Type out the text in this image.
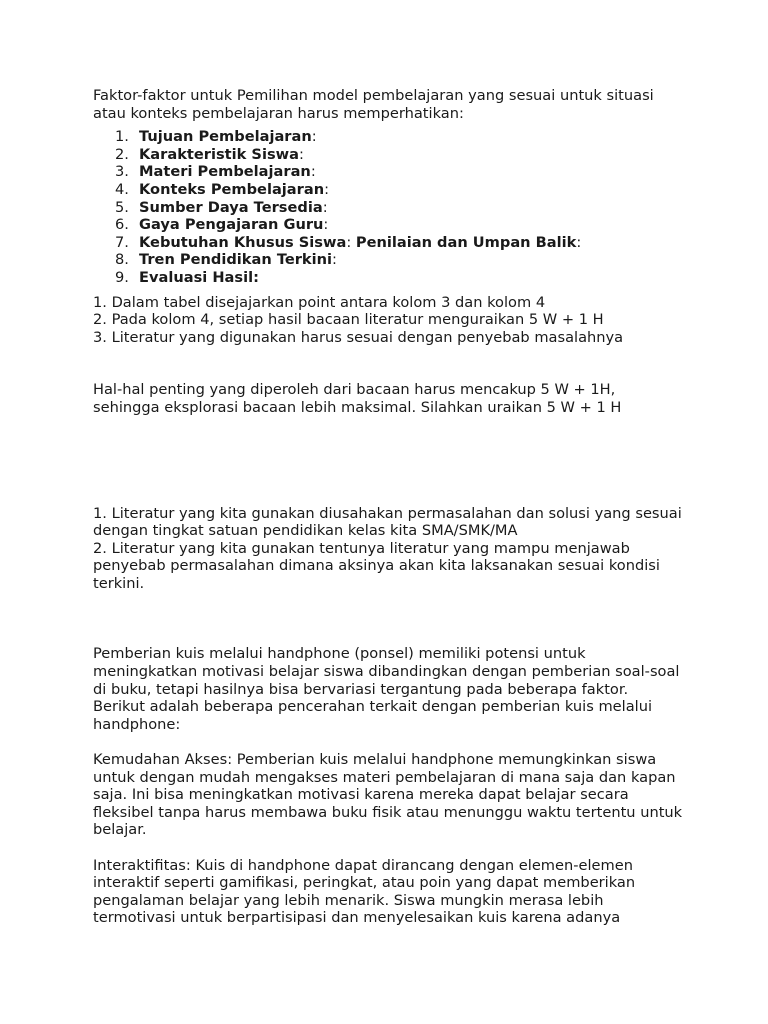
Faktor-faktor untuk Pemilihan model pembelajaran yang sesuai untuk situasi atau konteks pembelajaran harus memperhatikan:

1. Tujuan Pembelajaran:
2. Karakteristik Siswa:
3. Materi Pembelajaran:
4. Konteks Pembelajaran:
5. Sumber Daya Tersedia:
6. Gaya Pengajaran Guru:
7. Kebutuhan Khusus Siswa: Penilaian dan Umpan Balik:
8. Tren Pendidikan Terkini:
9. Evaluasi Hasil:

1. Dalam tabel disejajarkan point antara kolom 3 dan kolom 4

2. Pada kolom 4, setiap hasil bacaan literatur menguraikan 5 W + 1 H

3. Literatur yang digunakan harus sesuai dengan penyebab masalahnya

Hal-hal penting yang diperoleh dari bacaan harus mencakup 5 W + 1H, sehingga eksplorasi bacaan lebih maksimal. Silahkan uraikan 5 W + 1 H

1. Literatur yang kita gunakan diusahakan permasalahan dan solusi yang sesuai dengan tingkat satuan pendidikan kelas kita SMA/SMK/MA

2. Literatur yang kita gunakan tentunya literatur yang mampu menjawab penyebab permasalahan dimana aksinya akan kita laksanakan sesuai kondisi terkini.

Pemberian kuis melalui handphone (ponsel) memiliki potensi untuk meningkatkan motivasi belajar siswa dibandingkan dengan pemberian soal-soal di buku, tetapi hasilnya bisa bervariasi tergantung pada beberapa faktor. Berikut adalah beberapa pencerahan terkait dengan pemberian kuis melalui handphone:

Kemudahan Akses: Pemberian kuis melalui handphone memungkinkan siswa untuk dengan mudah mengakses materi pembelajaran di mana saja dan kapan saja. Ini bisa meningkatkan motivasi karena mereka dapat belajar secara fleksibel tanpa harus membawa buku fisik atau menunggu waktu tertentu untuk belajar.

Interaktifitas: Kuis di handphone dapat dirancang dengan elemen-elemen interaktif seperti gamifikasi, peringkat, atau poin yang dapat memberikan pengalaman belajar yang lebih menarik. Siswa mungkin merasa lebih termotivasi untuk berpartisipasi dan menyelesaikan kuis karena adanya
